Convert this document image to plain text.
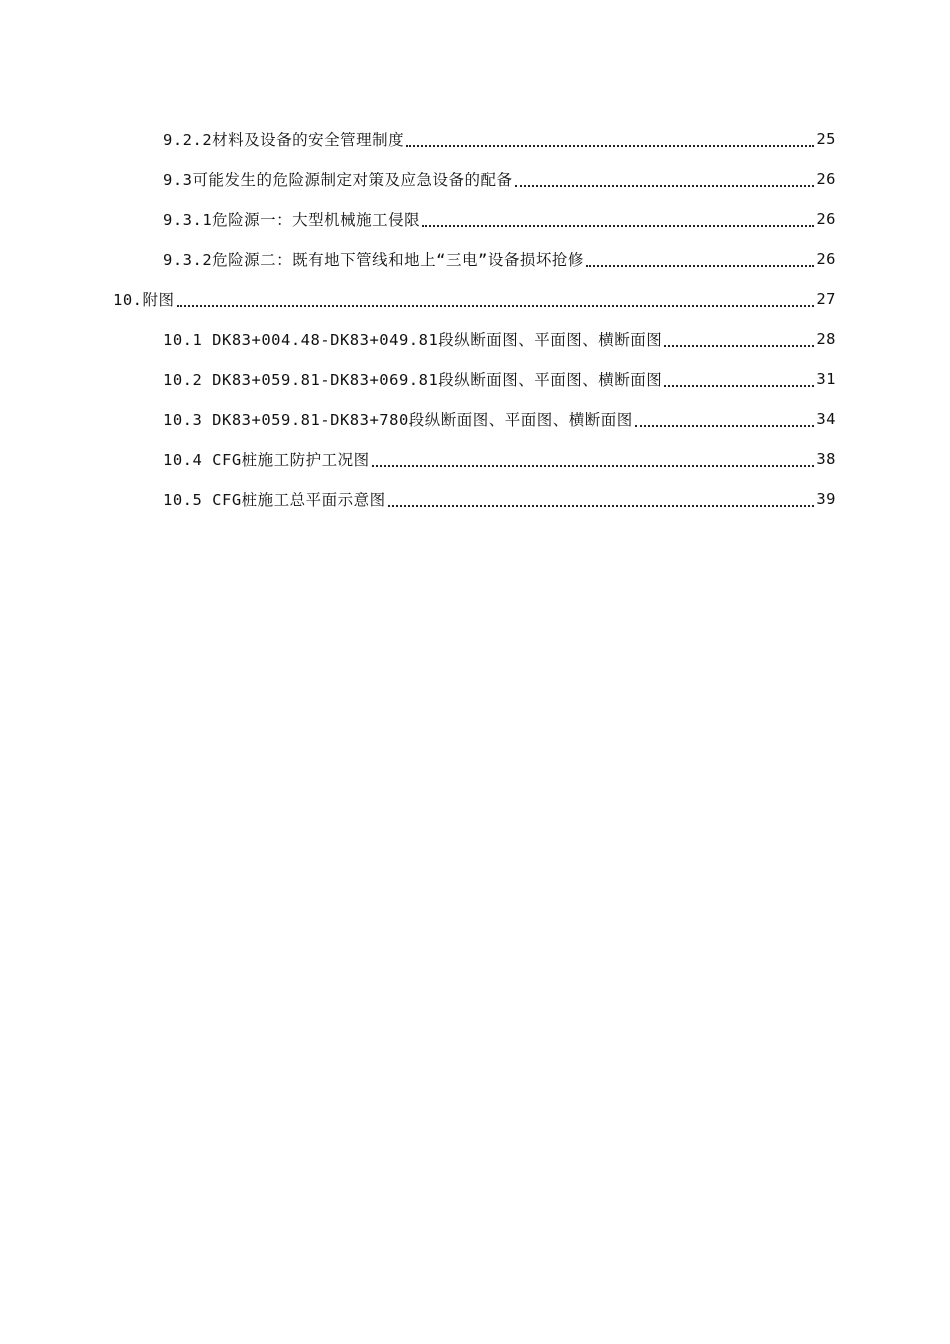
9.2.2材料及设备的安全管理制度	25
9.3可能发生的危险源制定对策及应急设备的配备	26
9.3.1危险源一：大型机械施工侵限	26
9.3.2危险源二：既有地下管线和地上“三电”设备损坏抢修	26
10.附图	27
10.1 DK83+004.48-DK83+049.81段纵断面图、平面图、横断面图	28
10.2 DK83+059.81-DK83+069.81段纵断面图、平面图、横断面图	31
10.3 DK83+059.81-DK83+780段纵断面图、平面图、横断面图	34
10.4 CFG桩施工防护工况图	38
10.5 CFG桩施工总平面示意图	39
